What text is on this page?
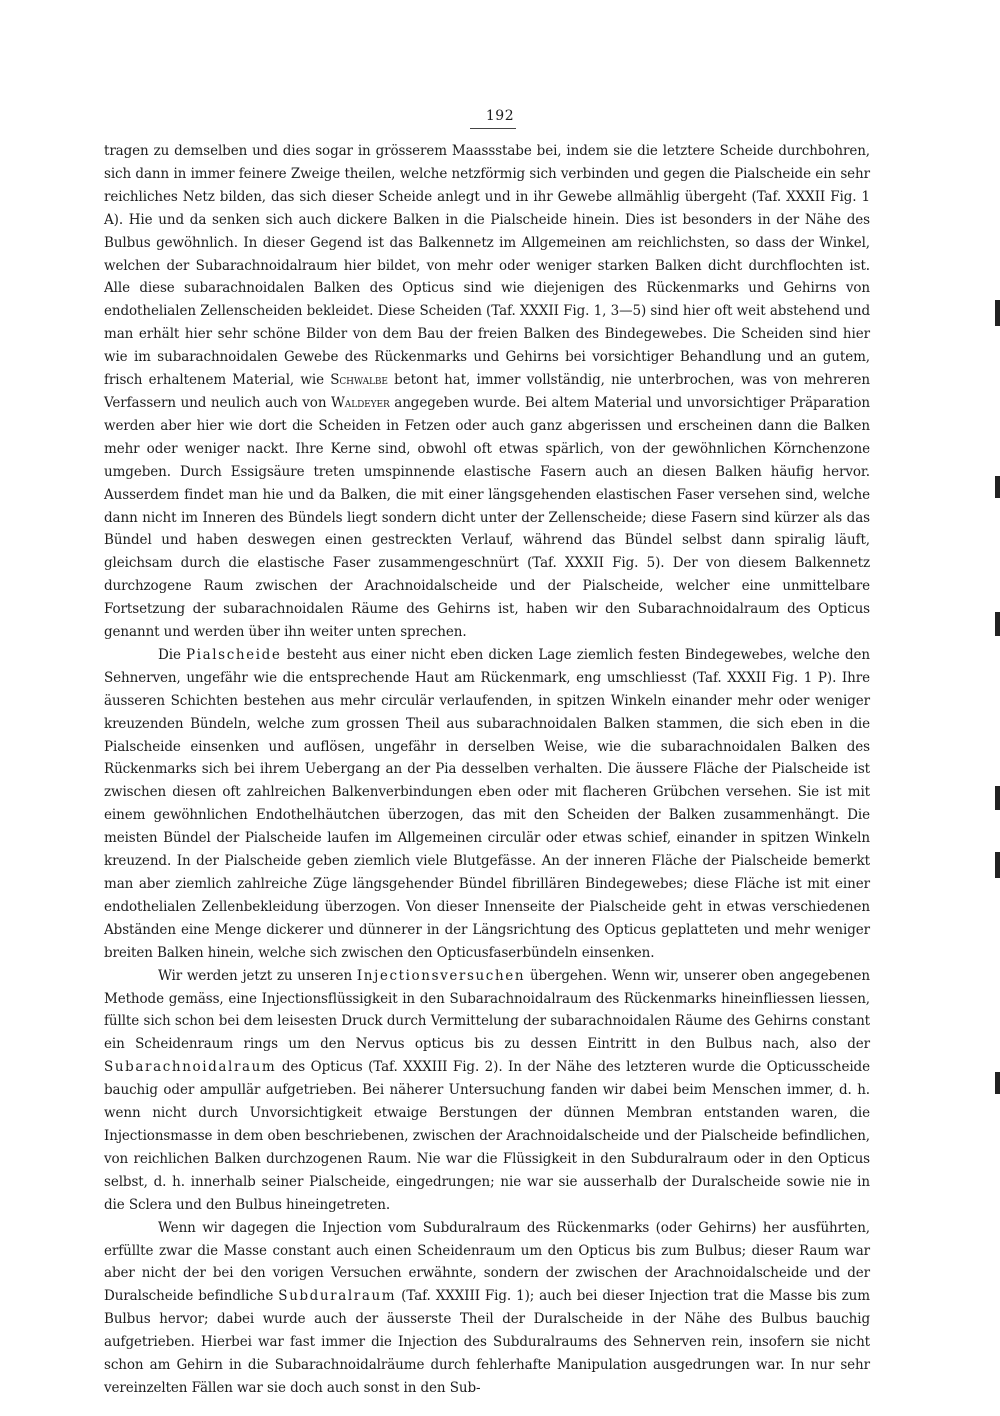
192

tragen zu demselben und dies sogar in grösserem Maassstabe bei, indem sie die letztere Scheide durchbohren, sich dann in immer feinere Zweige theilen, welche netzförmig sich verbinden und gegen die Pialscheide ein sehr reichliches Netz bilden, das sich dieser Scheide anlegt und in ihr Gewebe allmählig übergeht (Taf. XXXII Fig. 1 A). Hie und da senken sich auch dickere Balken in die Pialscheide hinein. Dies ist besonders in der Nähe des Bulbus gewöhnlich. In dieser Gegend ist das Balkennetz im Allgemeinen am reichlichsten, so dass der Winkel, welchen der Subarachnoidalraum hier bildet, von mehr oder weniger starken Balken dicht durchflochten ist. Alle diese subarachnoidalen Balken des Opticus sind wie diejenigen des Rückenmarks und Gehirns von endothelialen Zellenscheiden bekleidet. Diese Scheiden (Taf. XXXII Fig. 1, 3—5) sind hier oft weit abstehend und man erhält hier sehr schöne Bilder von dem Bau der freien Balken des Bindegewebes. Die Scheiden sind hier wie im subarachnoidalen Gewebe des Rückenmarks und Gehirns bei vorsichtiger Behandlung und an gutem, frisch erhaltenem Material, wie Schwalbe betont hat, immer vollständig, nie unterbrochen, was von mehreren Verfassern und neulich auch von Waldeyer angegeben wurde. Bei altem Material und unvorsichtiger Präparation werden aber hier wie dort die Scheiden in Fetzen oder auch ganz abgerissen und erscheinen dann die Balken mehr oder weniger nackt. Ihre Kerne sind, obwohl oft etwas spärlich, von der gewöhnlichen Körnchenzone umgeben. Durch Essigsäure treten umspinnende elastische Fasern auch an diesen Balken häufig hervor. Ausserdem findet man hie und da Balken, die mit einer längsgehenden elastischen Faser versehen sind, welche dann nicht im Inneren des Bündels liegt sondern dicht unter der Zellenscheide; diese Fasern sind kürzer als das Bündel und haben deswegen einen gestreckten Verlauf, während das Bündel selbst dann spiralig läuft, gleichsam durch die elastische Faser zusammengeschnürt (Taf. XXXII Fig. 5). Der von diesem Balkennetz durchzogene Raum zwischen der Arachnoidalscheide und der Pialscheide, welcher eine unmittelbare Fortsetzung der subarachnoidalen Räume des Gehirns ist, haben wir den Subarachnoidalraum des Opticus genannt und werden über ihn weiter unten sprechen.

Die Pialscheide besteht aus einer nicht eben dicken Lage ziemlich festen Bindegewebes, welche den Sehnerven, ungefähr wie die entsprechende Haut am Rückenmark, eng umschliesst (Taf. XXXII Fig. 1 P). Ihre äusseren Schichten bestehen aus mehr circulär verlaufenden, in spitzen Winkeln einander mehr oder weniger kreuzenden Bündeln, welche zum grossen Theil aus subarachnoidalen Balken stammen, die sich eben in die Pialscheide einsenken und auflösen, ungefähr in derselben Weise, wie die subarachnoidalen Balken des Rückenmarks sich bei ihrem Uebergang an der Pia desselben verhalten. Die äussere Fläche der Pialscheide ist zwischen diesen oft zahlreichen Balkenverbindungen eben oder mit flacheren Grübchen versehen. Sie ist mit einem gewöhnlichen Endothelhäutchen überzogen, das mit den Scheiden der Balken zusammenhängt. Die meisten Bündel der Pialscheide laufen im Allgemeinen circulär oder etwas schief, einander in spitzen Winkeln kreuzend. In der Pialscheide geben ziemlich viele Blutgefässe. An der inneren Fläche der Pialscheide bemerkt man aber ziemlich zahlreiche Züge längsgehender Bündel fibrillären Bindegewebes; diese Fläche ist mit einer endothelialen Zellenbekleidung überzogen. Von dieser Innenseite der Pialscheide geht in etwas verschiedenen Abständen eine Menge dickerer und dünnerer in der Längsrichtung des Opticus geplatteten und mehr weniger breiten Balken hinein, welche sich zwischen den Opticusfaserbündeln einsenken.

Wir werden jetzt zu unseren Injectionsversuchen übergehen. Wenn wir, unserer oben angegebenen Methode gemäss, eine Injectionsflüssigkeit in den Subarachnoidalraum des Rückenmarks hineinfliessen liessen, füllte sich schon bei dem leisesten Druck durch Vermittelung der subarachnoidalen Räume des Gehirns constant ein Scheidenraum rings um den Nervus opticus bis zu dessen Eintritt in den Bulbus nach, also der Subarachnoidalraum des Opticus (Taf. XXXIII Fig. 2). In der Nähe des letzteren wurde die Opticusscheide bauchig oder ampullär aufgetrieben. Bei näherer Untersuchung fanden wir dabei beim Menschen immer, d. h. wenn nicht durch Unvorsichtigkeit etwaige Berstungen der dünnen Membran entstanden waren, die Injectionsmasse in dem oben beschriebenen, zwischen der Arachnoidalscheide und der Pialscheide befindlichen, von reichlichen Balken durchzogenen Raum. Nie war die Flüssigkeit in den Subduralraum oder in den Opticus selbst, d. h. innerhalb seiner Pialscheide, eingedrungen; nie war sie ausserhalb der Duralscheide sowie nie in die Sclera und den Bulbus hineingetreten.

Wenn wir dagegen die Injection vom Subduralraum des Rückenmarks (oder Gehirns) her ausführten, erfüllte zwar die Masse constant auch einen Scheidenraum um den Opticus bis zum Bulbus; dieser Raum war aber nicht der bei den vorigen Versuchen erwähnte, sondern der zwischen der Arachnoidalscheide und der Duralscheide befindliche Subduralraum (Taf. XXXIII Fig. 1); auch bei dieser Injection trat die Masse bis zum Bulbus hervor; dabei wurde auch der äusserste Theil der Duralscheide in der Nähe des Bulbus bauchig aufgetrieben. Hierbei war fast immer die Injection des Subduralraums des Sehnerven rein, insofern sie nicht schon am Gehirn in die Subarachnoidalräume durch fehlerhafte Manipulation ausgedrungen war. In nur sehr vereinzelten Fällen war sie doch auch sonst in den Sub-
